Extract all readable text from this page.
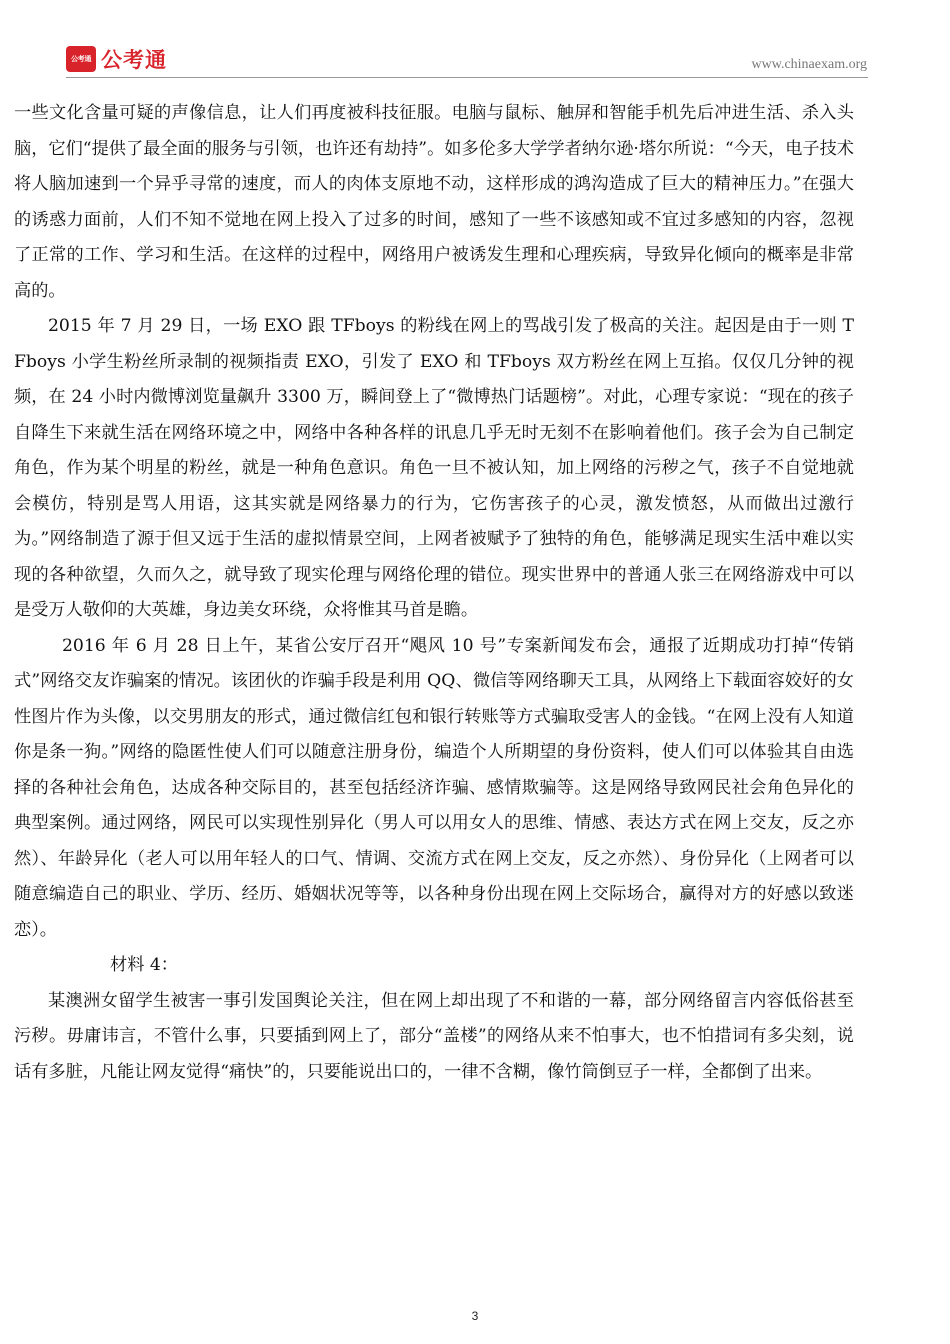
公考通 公考通	www.chinaexam.org

一些文化含量可疑的声像信息，让人们再度被科技征服。电脑与鼠标、触屏和智能手机先后冲进生活、杀入头脑，它们“提供了最全面的服务与引领，也许还有劫持”。如多伦多大学学者纳尔逊·塔尔所说：“今天，电子技术将人脑加速到一个异乎寻常的速度，而人的肉体支原地不动，这样形成的鸿沟造成了巨大的精神压力。”在强大的诱惑力面前，人们不知不觉地在网上投入了过多的时间，感知了一些不该感知或不宜过多感知的内容，忽视了正常的工作、学习和生活。在这样的过程中，网络用户被诱发生理和心理疾病，导致异化倾向的概率是非常高的。

2015 年 7 月 29 日，一场 EXO 跟 TFboys 的粉线在网上的骂战引发了极高的关注。起因是由于一则 TFboys 小学生粉丝所录制的视频指责 EXO，引发了 EXO 和 TFboys 双方粉丝在网上互掐。仅仅几分钟的视频，在 24 小时内微博浏览量飙升 3300 万，瞬间登上了“微博热门话题榜”。对此，心理专家说：“现在的孩子自降生下来就生活在网络环境之中，网络中各种各样的讯息几乎无时无刻不在影响着他们。孩子会为自己制定角色，作为某个明星的粉丝，就是一种角色意识。角色一旦不被认知，加上网络的污秽之气，孩子不自觉地就会模仿，特别是骂人用语，这其实就是网络暴力的行为，它伤害孩子的心灵，激发愤怒，从而做出过激行为。”网络制造了源于但又远于生活的虚拟情景空间，上网者被赋予了独特的角色，能够满足现实生活中难以实现的各种欲望，久而久之，就导致了现实伦理与网络伦理的错位。现实世界中的普通人张三在网络游戏中可以是受万人敬仰的大英雄，身边美女环绕，众将惟其马首是瞻。

2016 年 6 月 28 日上午，某省公安厅召开“飓风 10 号”专案新闻发布会，通报了近期成功打掉“传销式”网络交友诈骗案的情况。该团伙的诈骗手段是利用 QQ、微信等网络聊天工具，从网络上下载面容姣好的女性图片作为头像，以交男朋友的形式，通过微信红包和银行转账等方式骗取受害人的金钱。“在网上没有人知道你是条一狗。”网络的隐匿性使人们可以随意注册身份，编造个人所期望的身份资料，使人们可以体验其自由选择的各种社会角色，达成各种交际目的，甚至包括经济诈骗、感情欺骗等。这是网络导致网民社会角色异化的典型案例。通过网络，网民可以实现性别异化（男人可以用女人的思维、情感、表达方式在网上交友，反之亦然）、年龄异化（老人可以用年轻人的口气、情调、交流方式在网上交友，反之亦然）、身份异化（上网者可以随意编造自己的职业、学历、经历、婚姻状况等等，以各种身份出现在网上交际场合，赢得对方的好感以致迷恋）。

材料 4：

某澳洲女留学生被害一事引发国舆论关注，但在网上却出现了不和谐的一幕，部分网络留言内容低俗甚至污秽。毋庸讳言，不管什么事，只要插到网上了，部分“盖楼”的网络从来不怕事大，也不怕措词有多尖刻，说话有多脏，凡能让网友觉得“痛快”的，只要能说出口的，一律不含糊，像竹筒倒豆子一样，全都倒了出来。

3
